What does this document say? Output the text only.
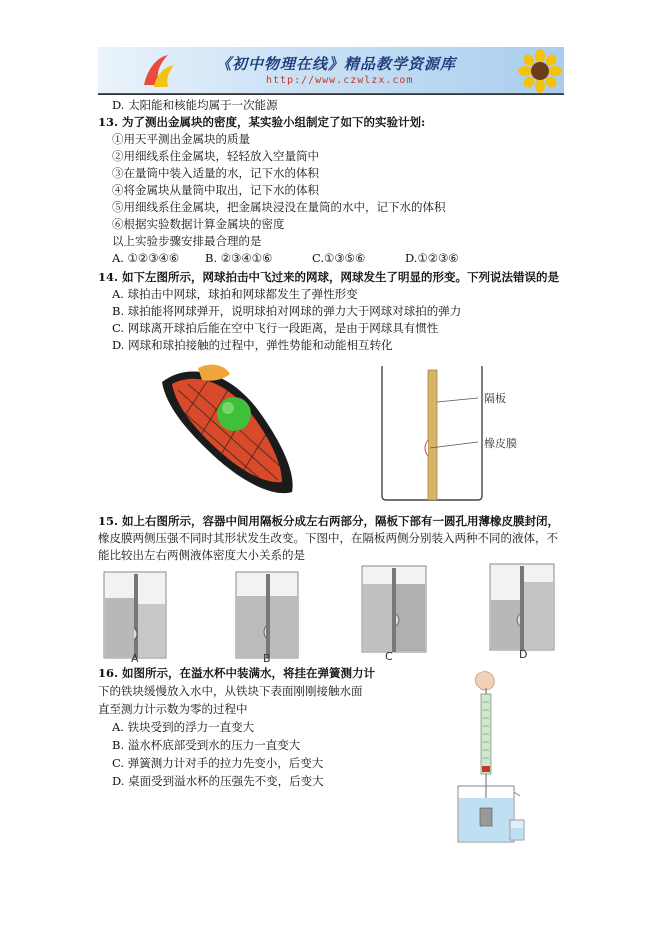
《初中物理在线》精品教学资源库
http://www.czwlzx.com
D. 太阳能和核能均属于一次能源
13. 为了测出金属块的密度，某实验小组制定了如下的实验计划:
①用天平测出金属块的质量
②用细线系住金属块，轻轻放入空量筒中
③在量筒中装入适量的水，记下水的体积
④将金属块从量筒中取出，记下水的体积
⑤用细线系住金属块，把金属块浸没在量筒的水中，记下水的体积
⑥根据实验数据计算金属块的密度
以上实验步骤安排最合理的是
A. ①②③④⑥ B. ②③④①⑥	C.①③⑤⑥	D.①②③⑥
14. 如下左图所示，网球拍击中飞过来的网球，网球发生了明显的形变。下列说法错误的是
A. 球拍击中网球，球拍和网球都发生了弹性形变
B. 球拍能将网球弹开，说明球拍对网球的弹力大于网球对球拍的弹力
C. 网球离开球拍后能在空中飞行一段距离，是由于网球具有惯性
D. 网球和球拍接触的过程中，弹性势能和动能相互转化
隔板
橡皮膜
15. 如上右图所示，容器中间用隔板分成左右两部分，隔板下部有一圆孔用薄橡皮膜封闭，
橡皮膜两侧压强不同时其形状发生改变。下图中，在隔板两侧分别装入两种不同的液体，不
能比较出左右两侧液体密度大小关系的是
A	B	C	D
16. 如图所示，在溢水杯中装满水，将挂在弹簧测力计
下的铁块缓慢放入水中，从铁块下表面刚刚接触水面
直至测力计示数为零的过程中
A. 铁块受到的浮力一直变大
B. 溢水杯底部受到水的压力一直变大
C. 弹簧测力计对手的拉力先变小，后变大
D. 桌面受到溢水杯的压强先不变，后变大
